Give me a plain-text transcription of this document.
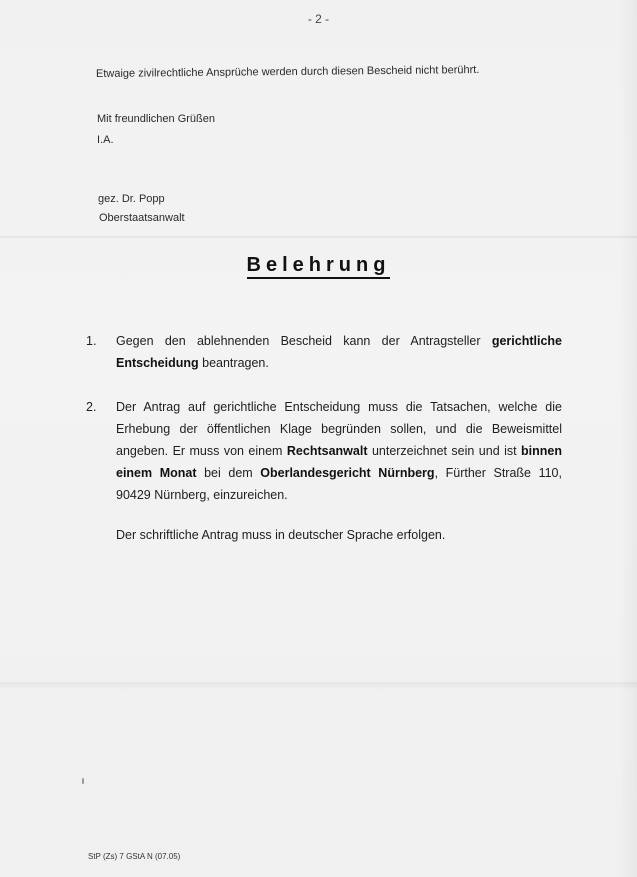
- 2 -
Etwaige zivilrechtliche Ansprüche werden durch diesen Bescheid nicht berührt.
Mit freundlichen Grüßen
I.A.
gez. Dr. Popp
Oberstaatsanwalt
Belehrung
1. Gegen den ablehnenden Bescheid kann der Antragsteller gerichtliche Entscheidung beantragen.
2. Der Antrag auf gerichtliche Entscheidung muss die Tatsachen, welche die Erhebung der öffentlichen Klage begründen sollen, und die Beweismittel angeben. Er muss von einem Rechtsanwalt unterzeichnet sein und ist binnen einem Monat bei dem Oberlandesgericht Nürnberg, Fürther Straße 110, 90429 Nürnberg, einzureichen.
Der schriftliche Antrag muss in deutscher Sprache erfolgen.
StP (Zs) 7 GStA N (07.05)
